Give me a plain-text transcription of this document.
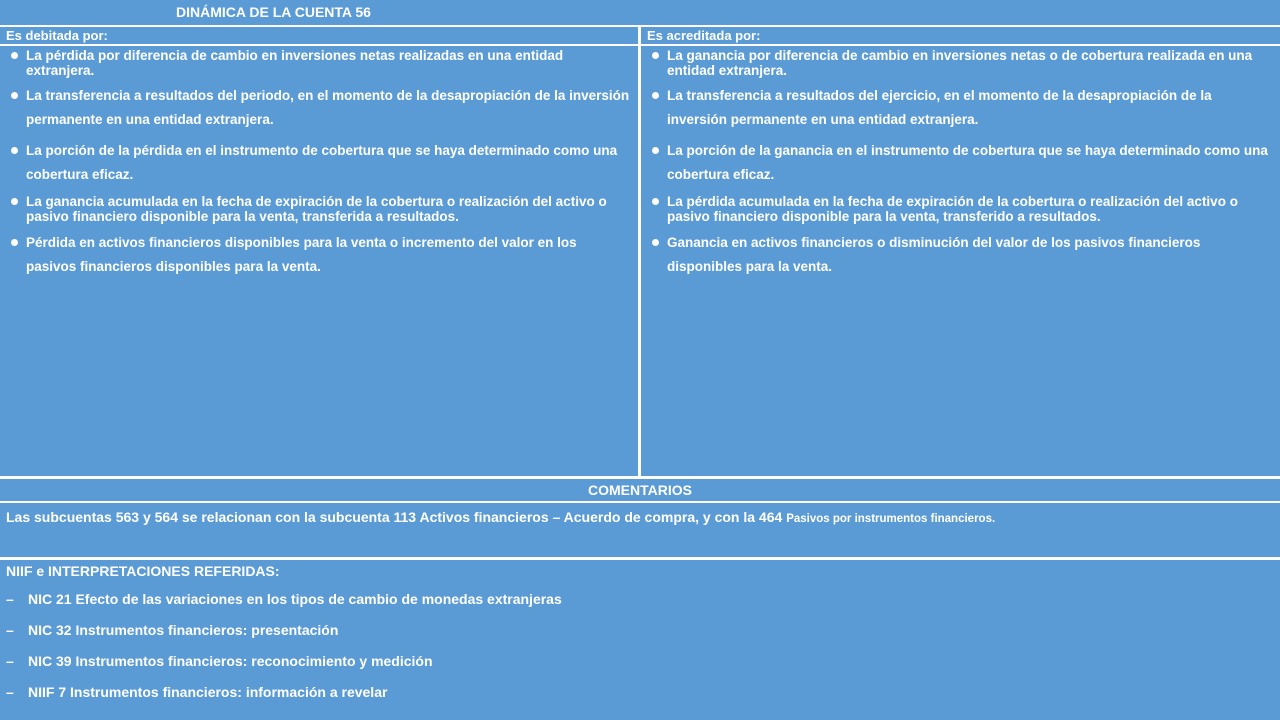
DINÁMICA DE LA CUENTA 56
Es debitada por:	Es acreditada por:
La pérdida por diferencia de cambio en inversiones netas realizadas en una entidad extranjera.
La transferencia a resultados del periodo, en el momento de la desapropiación de la inversión permanente en una entidad extranjera.
La porción de la pérdida en el instrumento de cobertura que se haya determinado como una cobertura eficaz.
La ganancia acumulada en la fecha de expiración de la cobertura o realización del activo o pasivo financiero disponible para la venta, transferida a resultados.
Pérdida en activos financieros disponibles para la venta o incremento del valor en los pasivos financieros disponibles para la venta.
La ganancia por diferencia de cambio en inversiones netas o de cobertura realizada en una entidad extranjera.
La transferencia a resultados del ejercicio, en el momento de la desapropiación de la inversión permanente en una entidad extranjera.
La porción de la ganancia en el instrumento de cobertura que se haya determinado como una cobertura eficaz.
La pérdida acumulada en la fecha de expiración de la cobertura o realización del activo o pasivo financiero disponible para la venta, transferido a resultados.
Ganancia en activos financieros o disminución del valor de los pasivos financieros disponibles para la venta.
COMENTARIOS
Las subcuentas 563 y 564 se relacionan con la subcuenta 113 Activos financieros – Acuerdo de compra, y con la 464 Pasivos por instrumentos financieros.
NIIF e INTERPRETACIONES REFERIDAS:
– NIC 21 Efecto de las variaciones en los tipos de cambio de monedas extranjeras
– NIC 32 Instrumentos financieros: presentación
– NIC 39 Instrumentos financieros: reconocimiento y medición
– NIIF 7 Instrumentos financieros: información a revelar
